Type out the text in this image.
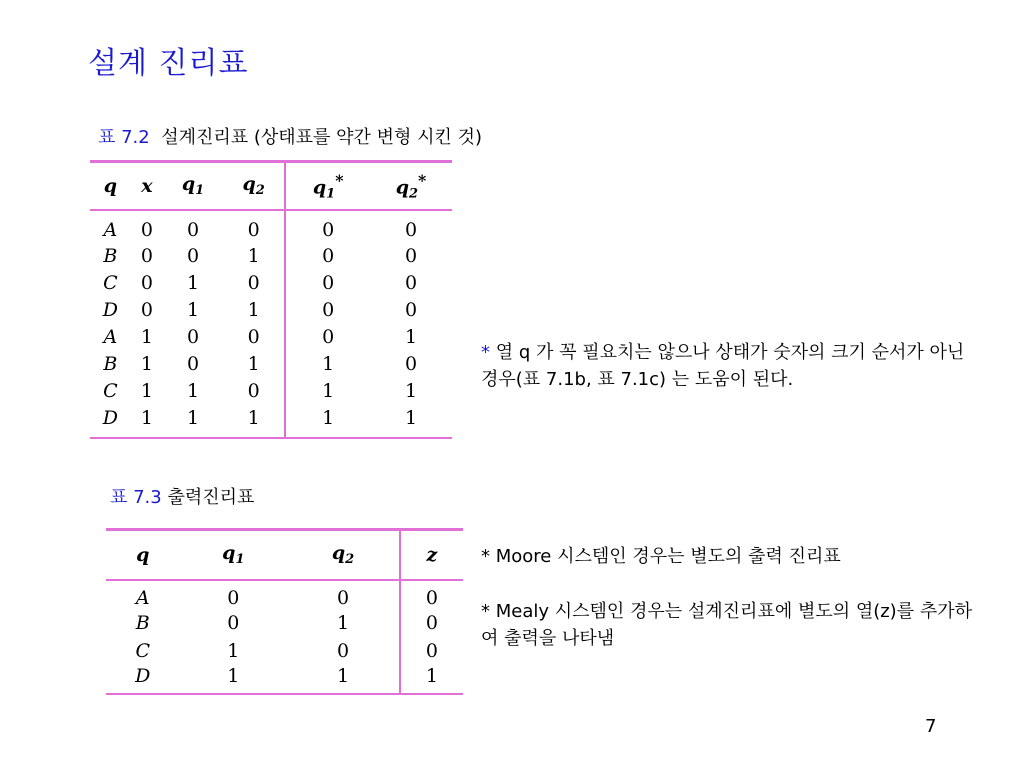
설계 진리표
표 7.2 설계진리표 (상태표를 약간 변형 시킨 것)
q	x	$q_1$	$q_2$	$q_1^*$	$q_2^*$
A	0	0	0	0	0
B	0	0	1	0	0
C	0	1	0	0	0
D	0	1	1	0	0
A	1	0	0	0	1
B	1	0	1	1	0
C	1	1	0	1	1
D	1	1	1	1	1
* 열 q 가 꼭 필요치는 않으나 상태가 숫자의 크기 순서가 아닌 경우(표 7.1b, 표 7.1c) 는 도움이 된다.
표 7.3 출력진리표
q	$q_1$	$q_2$	z
A	0	0	0
B	0	1	0
C	1	0	0
D	1	1	1
* Moore 시스템인 경우는 별도의 출력 진리표
* Mealy 시스템인 경우는 설계진리표에 별도의 열(z)를 추가하여 출력을 나타냄
7
